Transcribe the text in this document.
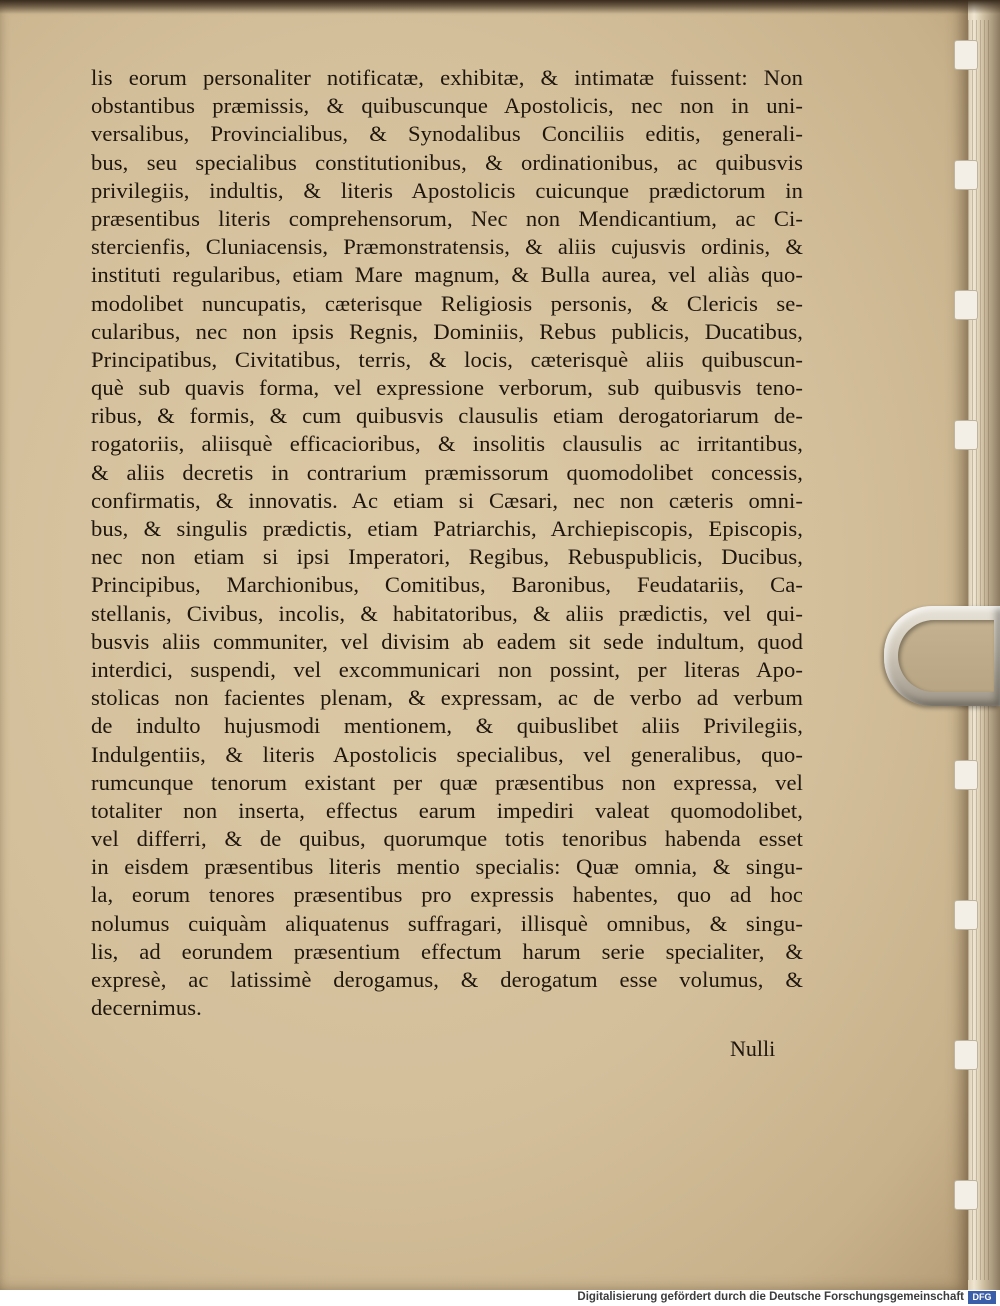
lis eorum personaliter notificatæ, exhibitæ, & intimatæ fuissent: Non
obstantibus præmissis, & quibuscunque Apostolicis, nec non in uni-
versalibus, Provincialibus, & Synodalibus Conciliis editis, generali-
bus, seu specialibus constitutionibus, & ordinationibus, ac quibusvis
privilegiis, indultis, & literis Apostolicis cuicunque prædictorum in
præsentibus literis comprehensorum, Nec non Mendicantium, ac Ci-
stercienfis, Cluniacensis, Præmonstratensis, & aliis cujusvis ordinis, &
instituti regularibus, etiam Mare magnum, & Bulla aurea, vel aliàs quo-
modolibet nuncupatis, cæterisque Religiosis personis, & Clericis se-
cularibus, nec non ipsis Regnis, Dominiis, Rebus publicis, Ducatibus,
Principatibus, Civitatibus, terris, & locis, cæterisquè aliis quibuscun-
què sub quavis forma, vel expressione verborum, sub quibusvis teno-
ribus, & formis, & cum quibusvis clausulis etiam derogatoriarum de-
rogatoriis, aliisquè efficacioribus, & insolitis clausulis ac irritantibus,
& aliis decretis in contrarium præmissorum quomodolibet concessis,
confirmatis, & innovatis. Ac etiam si Cæsari, nec non cæteris omni-
bus, & singulis prædictis, etiam Patriarchis, Archiepiscopis, Episcopis,
nec non etiam si ipsi Imperatori, Regibus, Rebuspublicis, Ducibus,
Principibus, Marchionibus, Comitibus, Baronibus, Feudatariis, Ca-
stellanis, Civibus, incolis, & habitatoribus, & aliis prædictis, vel qui-
busvis aliis communiter, vel divisim ab eadem sit sede indultum, quod
interdici, suspendi, vel excommunicari non possint, per literas Apo-
stolicas non facientes plenam, & expressam, ac de verbo ad verbum
de indulto hujusmodi mentionem, & quibuslibet aliis Privilegiis,
Indulgentiis, & literis Apostolicis specialibus, vel generalibus, quo-
rumcunque tenorum existant per quæ præsentibus non expressa, vel
totaliter non inserta, effectus earum impediri valeat quomodolibet,
vel differri, & de quibus, quorumque totis tenoribus habenda esset
in eisdem præsentibus literis mentio specialis: Quæ omnia, & singu-
la, eorum tenores præsentibus pro expressis habentes, quo ad hoc
nolumus cuiquàm aliquatenus suffragari, illisquè omnibus, & singu-
lis, ad eorundem præsentium effectum harum serie specialiter, &
expresè, ac latissimè derogamus, & derogatum esse volumus, &
decernimus.
Nulli
Digitalisierung gefördert durch die Deutsche Forschungsgemeinschaft DFG
